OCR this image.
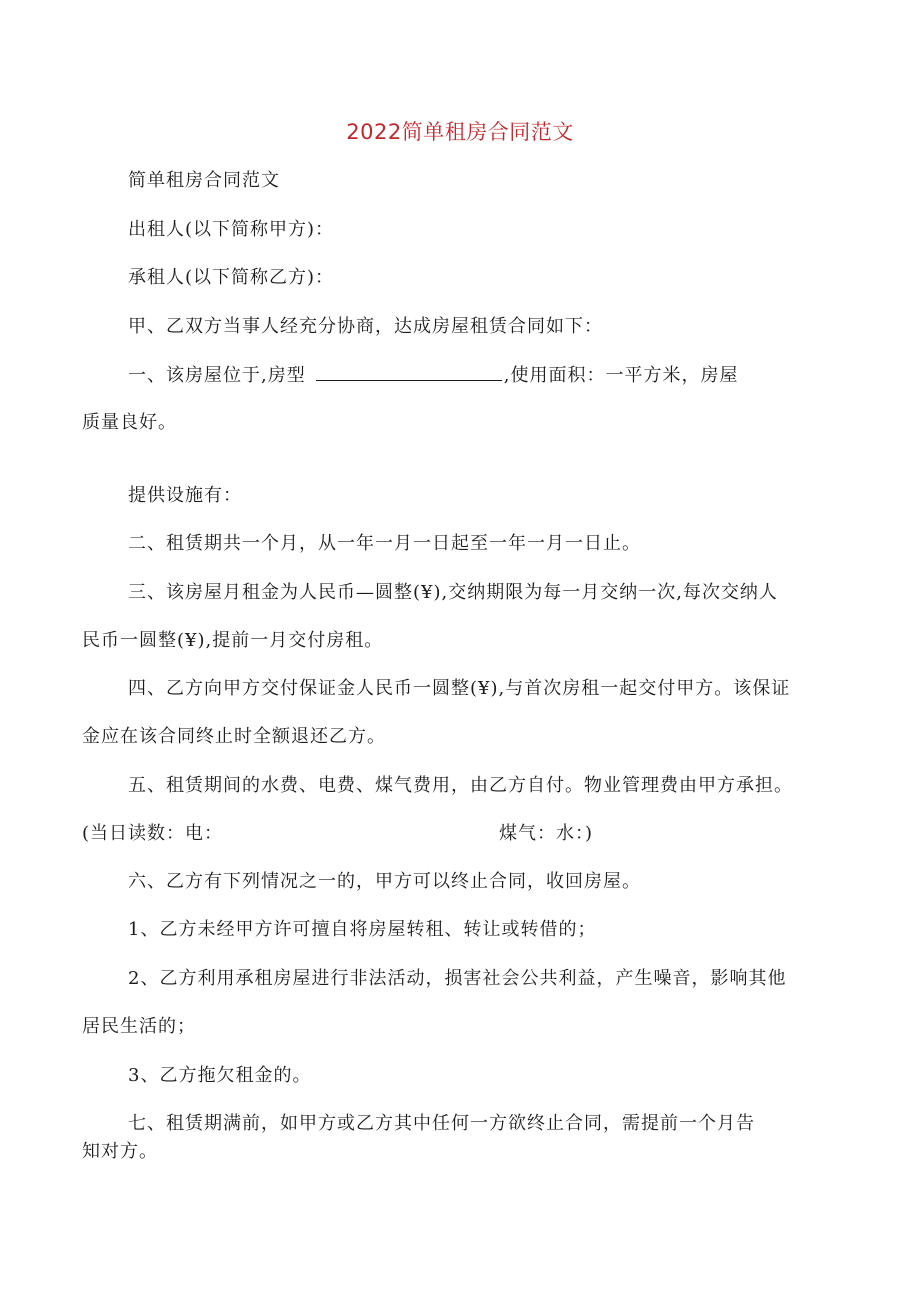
2022简单租房合同范文
简单租房合同范文
出租人(以下简称甲方)：
承租人(以下简称乙方)：
甲、乙双方当事人经充分协商，达成房屋租赁合同如下：
一、该房屋位于,房型	,使用面积：一平方米，房屋
质量良好。
提供设施有：
二、租赁期共一个月，从一年一月一日起至一年一月一日止。
三、该房屋月租金为人民币—圆整(¥),交纳期限为每一月交纳一次,每次交纳人
民币一圆整(¥),提前一月交付房租。
四、乙方向甲方交付保证金人民币一圆整(¥),与首次房租一起交付甲方。该保证
金应在该合同终止时全额退还乙方。
五、租赁期间的水费、电费、煤气费用，由乙方自付。物业管理费由甲方承担。
(当日读数：电：	煤气：水：)
六、乙方有下列情况之一的，甲方可以终止合同，收回房屋。
1、乙方未经甲方许可擅自将房屋转租、转让或转借的；
2、乙方利用承租房屋进行非法活动，损害社会公共利益，产生噪音，影响其他
居民生活的；
3、乙方拖欠租金的。
七、租赁期满前，如甲方或乙方其中任何一方欲终止合同，需提前一个月告
知对方。
